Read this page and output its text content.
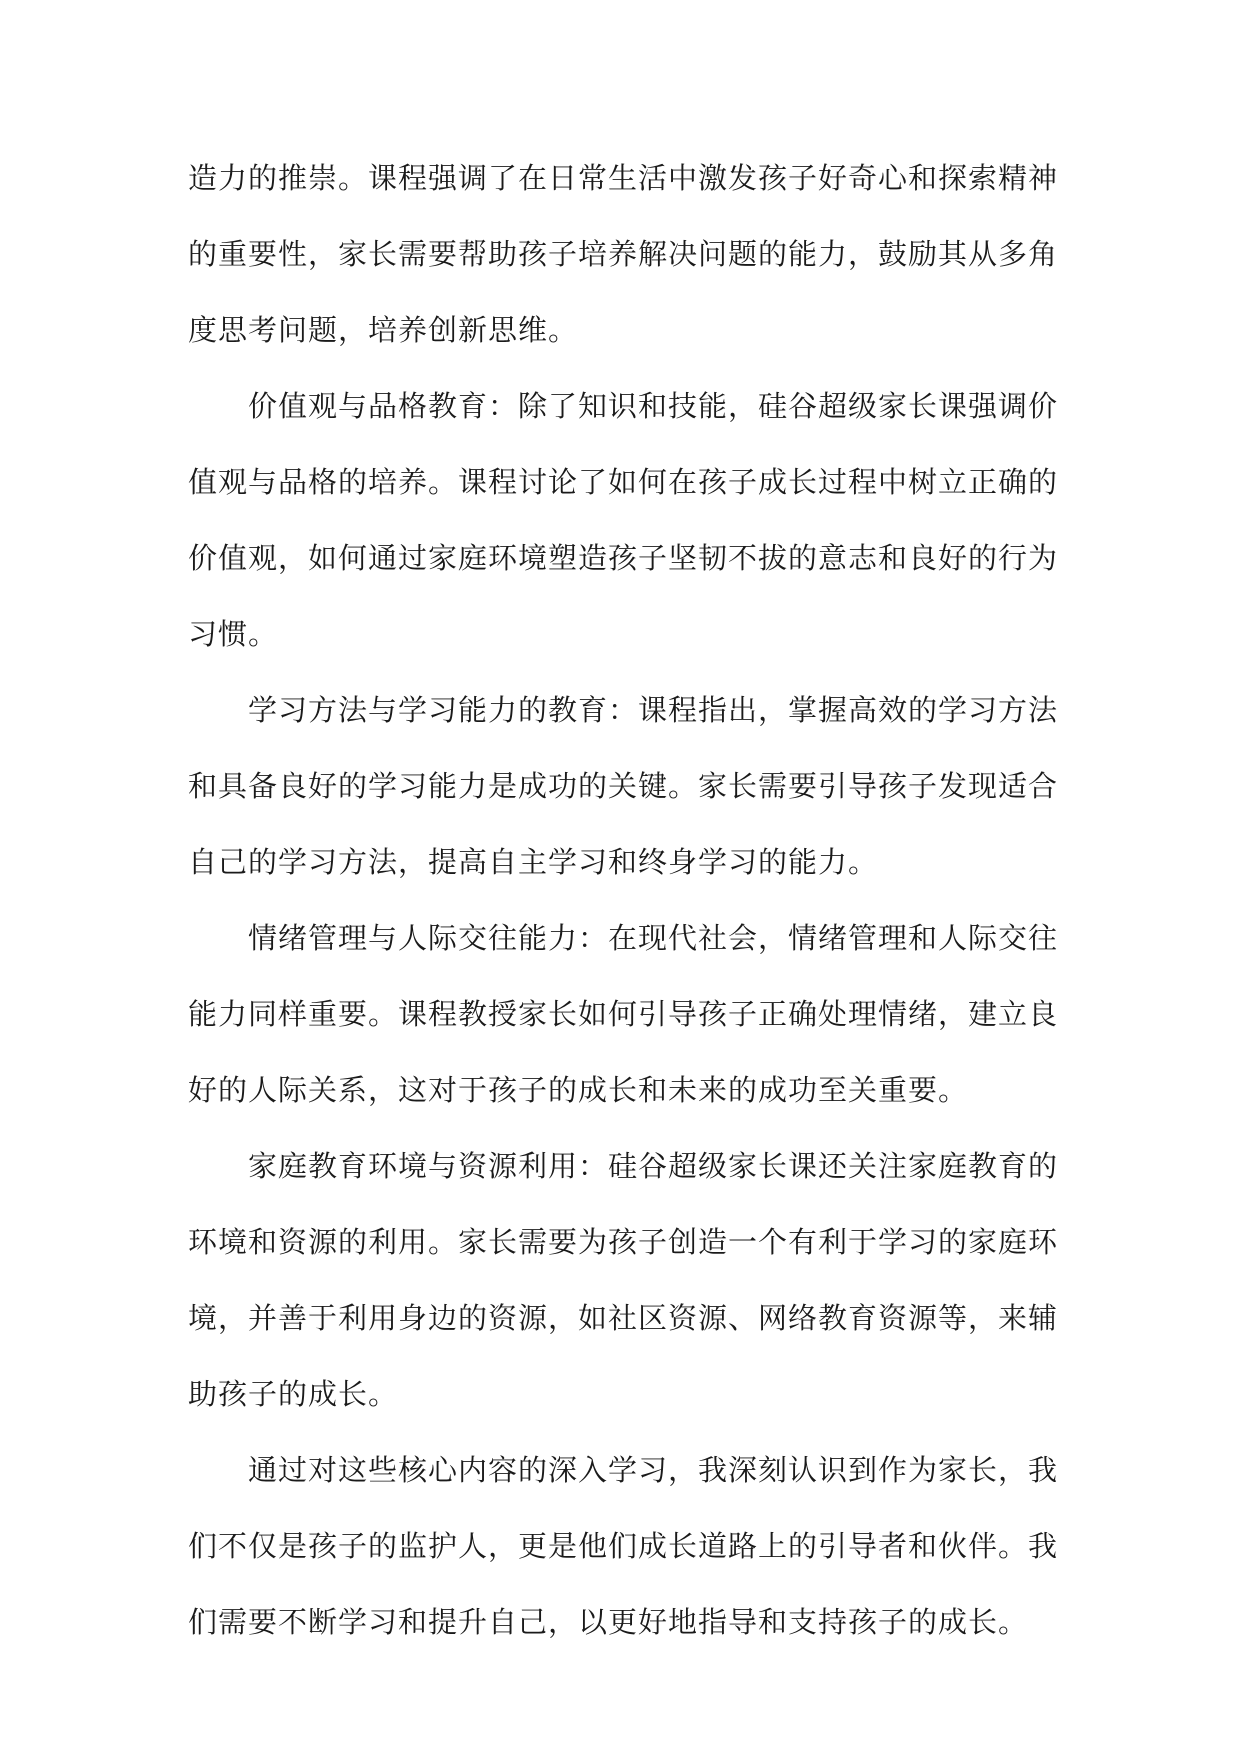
造力的推崇。课程强调了在日常生活中激发孩子好奇心和探索精神的重要性，家长需要帮助孩子培养解决问题的能力，鼓励其从多角度思考问题，培养创新思维。

价值观与品格教育：除了知识和技能，硅谷超级家长课强调价值观与品格的培养。课程讨论了如何在孩子成长过程中树立正确的价值观，如何通过家庭环境塑造孩子坚韧不拔的意志和良好的行为习惯。

学习方法与学习能力的教育：课程指出，掌握高效的学习方法和具备良好的学习能力是成功的关键。家长需要引导孩子发现适合自己的学习方法，提高自主学习和终身学习的能力。

情绪管理与人际交往能力：在现代社会，情绪管理和人际交往能力同样重要。课程教授家长如何引导孩子正确处理情绪，建立良好的人际关系，这对于孩子的成长和未来的成功至关重要。

家庭教育环境与资源利用：硅谷超级家长课还关注家庭教育的环境和资源的利用。家长需要为孩子创造一个有利于学习的家庭环境，并善于利用身边的资源，如社区资源、网络教育资源等，来辅助孩子的成长。

通过对这些核心内容的深入学习，我深刻认识到作为家长，我们不仅是孩子的监护人，更是他们成长道路上的引导者和伙伴。我们需要不断学习和提升自己，以更好地指导和支持孩子的成长。
